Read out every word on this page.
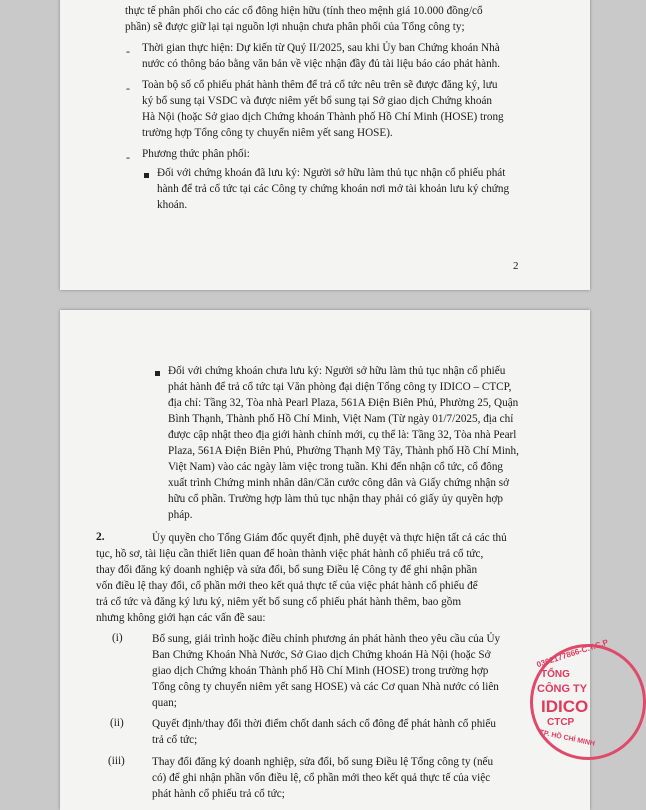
thực tế phân phối cho các cổ đông hiện hữu (tính theo mệnh giá 10.000 đồng/cổ
phần) sẽ được giữ lại tại nguồn lợi nhuận chưa phân phối của Tổng công ty;
- Thời gian thực hiện: Dự kiến từ Quý II/2025, sau khi Ủy ban Chứng khoán Nhà
nước có thông báo bằng văn bản về việc nhận đầy đủ tài liệu báo cáo phát hành.
- Toàn bộ số cổ phiếu phát hành thêm để trả cổ tức nêu trên sẽ được đăng ký, lưu
ký bổ sung tại VSDC và được niêm yết bổ sung tại Sở giao dịch Chứng khoán
Hà Nội (hoặc Sở giao dịch Chứng khoán Thành phố Hồ Chí Minh (HOSE) trong
trường hợp Tổng công ty chuyển niêm yết sang HOSE).
- Phương thức phân phối:
Đối với chứng khoán đã lưu ký: Người sở hữu làm thủ tục nhận cổ phiếu phát
hành để trả cổ tức tại các Công ty chứng khoán nơi mở tài khoản lưu ký chứng
khoán.
2
Đối với chứng khoán chưa lưu ký: Người sở hữu làm thủ tục nhận cổ phiếu
phát hành để trả cổ tức tại Văn phòng đại diện Tổng công ty IDICO – CTCP,
địa chỉ: Tầng 32, Tòa nhà Pearl Plaza, 561A Điện Biên Phủ, Phường 25, Quận
Bình Thạnh, Thành phố Hồ Chí Minh, Việt Nam (Từ ngày 01/7/2025, địa chỉ
được cập nhật theo địa giới hành chính mới, cụ thể là: Tầng 32, Tòa nhà Pearl
Plaza, 561A Điện Biên Phủ, Phường Thạnh Mỹ Tây, Thành phố Hồ Chí Minh,
Việt Nam) vào các ngày làm việc trong tuần. Khi đến nhận cổ tức, cổ đông
xuất trình Chứng minh nhân dân/Căn cước công dân và Giấy chứng nhận sở
hữu cổ phần. Trường hợp làm thủ tục nhận thay phải có giấy ủy quyền hợp
pháp.
2.	Ủy quyền cho Tổng Giám đốc quyết định, phê duyệt và thực hiện tất cả các thủ
tục, hồ sơ, tài liệu cần thiết liên quan để hoàn thành việc phát hành cổ phiếu trả cổ tức,
thay đổi đăng ký doanh nghiệp và sửa đổi, bổ sung Điều lệ Công ty để ghi nhận phần
vốn điều lệ thay đổi, cổ phần mới theo kết quả thực tế của việc phát hành cổ phiếu để
trả cổ tức và đăng ký lưu ký, niêm yết bổ sung cổ phiếu phát hành thêm, bao gồm
nhưng không giới hạn các vấn đề sau:
(i)	Bổ sung, giải trình hoặc điều chỉnh phương án phát hành theo yêu cầu của Ủy
Ban Chứng Khoán Nhà Nước, Sở Giao dịch Chứng khoán Hà Nội (hoặc Sở
giao dịch Chứng khoán Thành phố Hồ Chí Minh (HOSE) trong trường hợp
Tổng công ty chuyển niêm yết sang HOSE) và các Cơ quan Nhà nước có liên
quan;
(ii)	Quyết định/thay đổi thời điểm chốt danh sách cổ đông để phát hành cổ phiếu
trả cổ tức;
(iii) Thay đổi đăng ký doanh nghiệp, sửa đổi, bổ sung Điều lệ Tổng công ty (nếu
có) để ghi nhận phần vốn điều lệ, cổ phần mới theo kết quả thực tế của việc
phát hành cổ phiếu trả cổ tức;
0302177866-C.T.C.P
TỔNG
CÔNG TY
IDICO
CTCP
TP. HỒ CHÍ MINH
